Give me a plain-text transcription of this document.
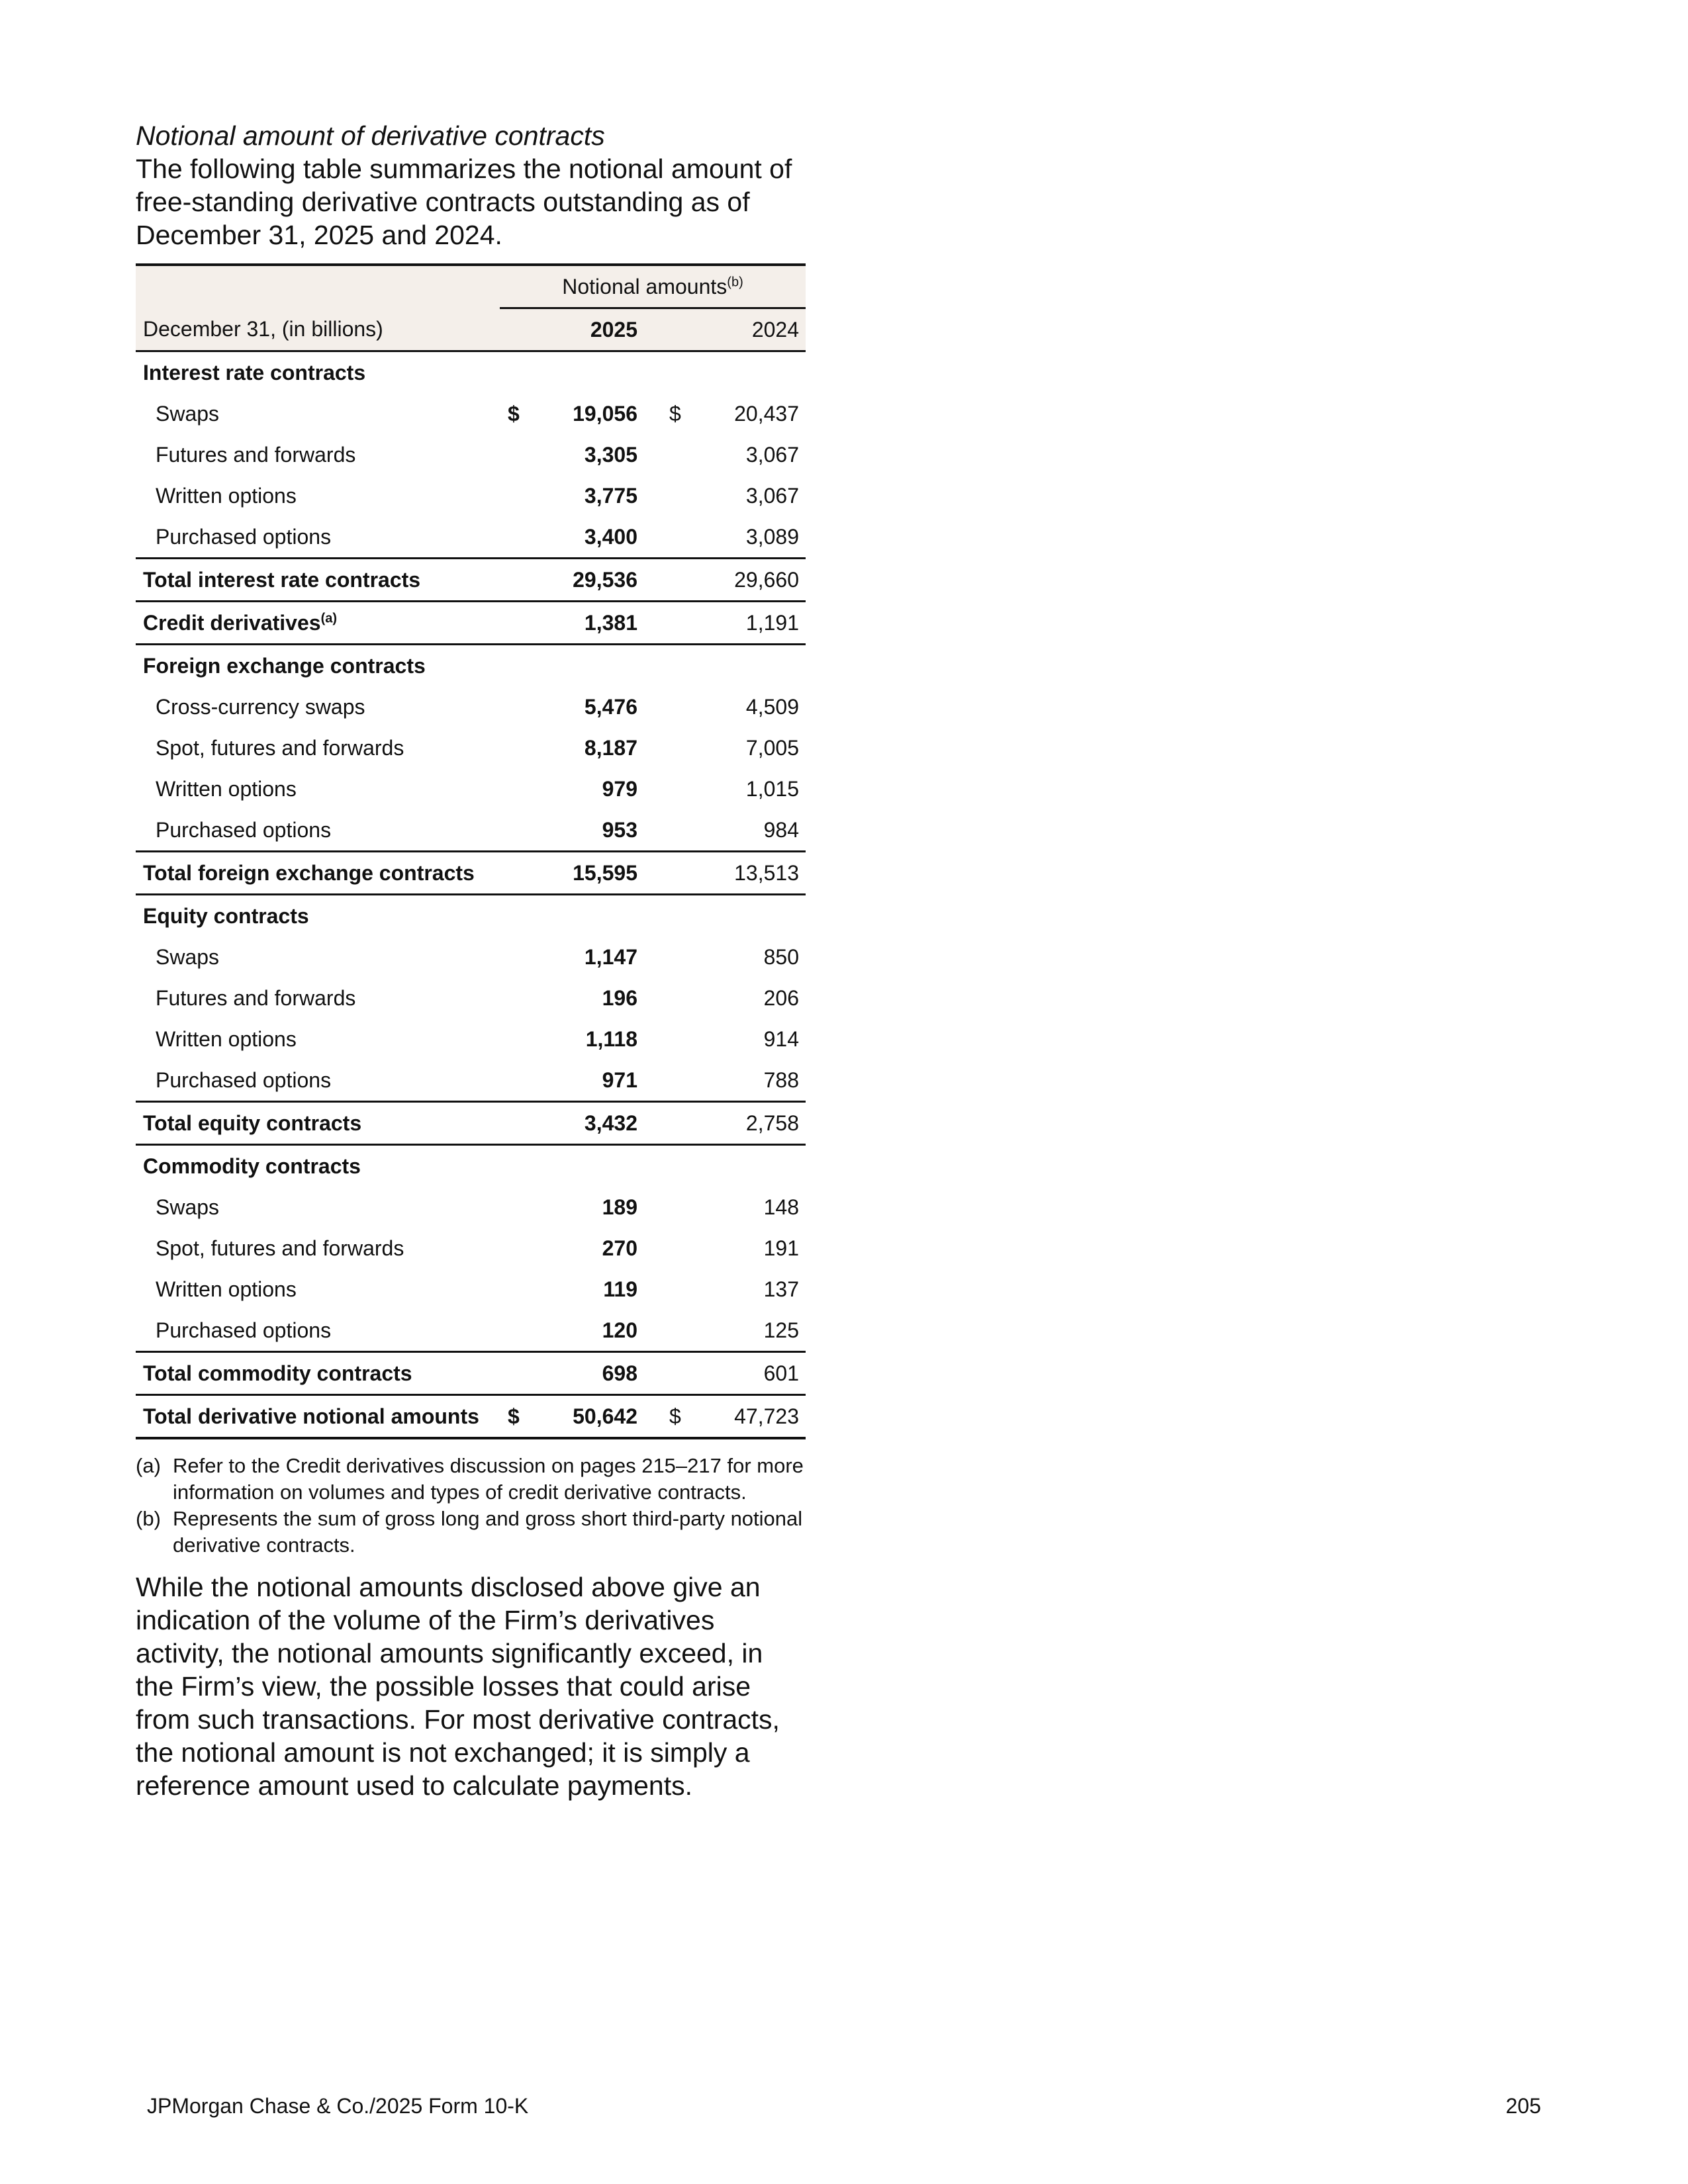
Notional amount of derivative contracts

The following table summarizes the notional amount of free-standing derivative contracts outstanding as of December 31, 2025 and 2024.

	Notional amounts$^{(b)}$
December 31, (in billions)		2025		2024
Interest rate contracts				
Swaps	$	19,056	$	20,437
Futures and forwards		3,305		3,067
Written options		3,775		3,067
Purchased options		3,400		3,089
Total interest rate contracts		29,536		29,660
Credit derivatives$^{(a)}$		1,381		1,191
Foreign exchange contracts				
Cross-currency swaps		5,476		4,509
Spot, futures and forwards		8,187		7,005
Written options		979		1,015
Purchased options		953		984
Total foreign exchange contracts		15,595		13,513
Equity contracts				
Swaps		1,147		850
Futures and forwards		196		206
Written options		1,118		914
Purchased options		971		788
Total equity contracts		3,432		2,758
Commodity contracts				
Swaps		189		148
Spot, futures and forwards		270		191
Written options		119		137
Purchased options		120		125
Total commodity contracts		698		601
Total derivative notional amounts	$	50,642	$	47,723
(a) Refer to the Credit derivatives discussion on pages 215–217 for more information on volumes and types of credit derivative contracts.
(b) Represents the sum of gross long and gross short third-party notional derivative contracts.

While the notional amounts disclosed above give an indication of the volume of the Firm’s derivatives activity, the notional amounts significantly exceed, in the Firm’s view, the possible losses that could arise from such transactions. For most derivative contracts, the notional amount is not exchanged; it is simply a reference amount used to calculate payments.

JPMorgan Chase & Co./2025 Form 10-K	205
